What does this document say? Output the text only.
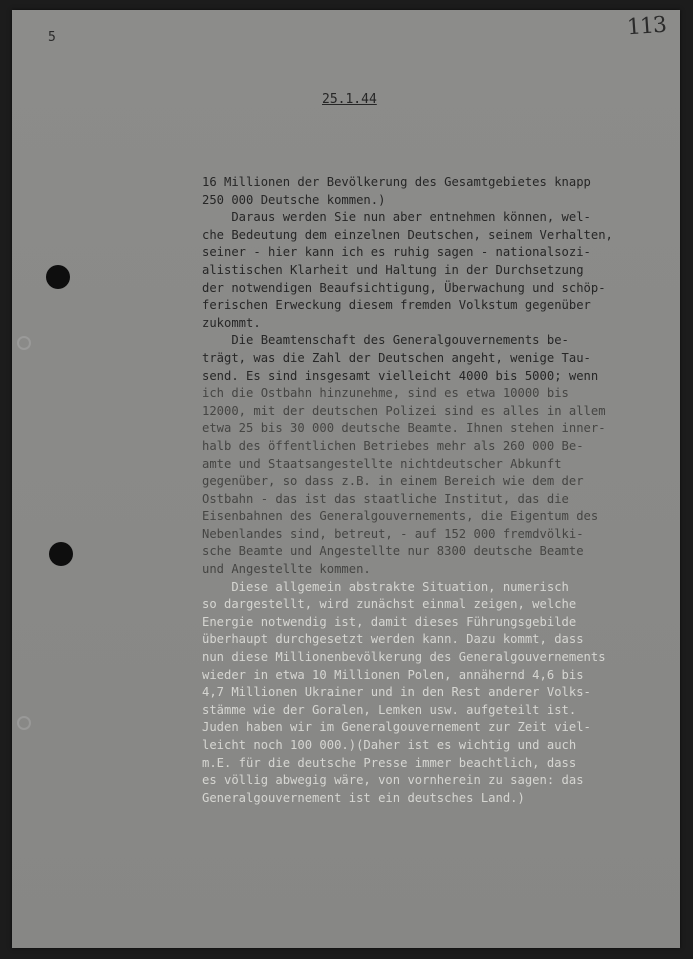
5	113
25.1.44
16 Millionen der Bevölkerung des Gesamtgebietes knapp
250 000 Deutsche kommen.)
Daraus werden Sie nun aber entnehmen können, wel-
che Bedeutung dem einzelnen Deutschen, seinem Verhalten,
seiner - hier kann ich es ruhig sagen - nationalsozi-
alistischen Klarheit und Haltung in der Durchsetzung
der notwendigen Beaufsichtigung, Überwachung und schöp-
ferischen Erweckung diesem fremden Volkstum gegenüber
zukommt.
Die Beamtenschaft des Generalgouvernements be-
trägt, was die Zahl der Deutschen angeht, wenige Tau-
send. Es sind insgesamt vielleicht 4000 bis 5000; wenn
ich die Ostbahn hinzunehme, sind es etwa 10000 bis
12000, mit der deutschen Polizei sind es alles in allem
etwa 25 bis 30 000 deutsche Beamte. Ihnen stehen inner-
halb des öffentlichen Betriebes mehr als 260 000 Be-
amte und Staatsangestellte nichtdeutscher Abkunft
gegenüber, so dass z.B. in einem Bereich wie dem der
Ostbahn - das ist das staatliche Institut, das die
Eisenbahnen des Generalgouvernements, die Eigentum des
Nebenlandes sind, betreut, - auf 152 000 fremdvölki-
sche Beamte und Angestellte nur 8300 deutsche Beamte
und Angestellte kommen.
Diese allgemein abstrakte Situation, numerisch
so dargestellt, wird zunächst einmal zeigen, welche
Energie notwendig ist, damit dieses Führungsgebilde
überhaupt durchgesetzt werden kann. Dazu kommt, dass
nun diese Millionenbevölkerung des Generalgouvernements
wieder in etwa 10 Millionen Polen, annähernd 4,6 bis
4,7 Millionen Ukrainer und in den Rest anderer Volks-
stämme wie der Goralen, Lemken usw. aufgeteilt ist.
Juden haben wir im Generalgouvernement zur Zeit viel-
leicht noch 100 000.)(Daher ist es wichtig und auch
m.E. für die deutsche Presse immer beachtlich, dass
es völlig abwegig wäre, von vornherein zu sagen: das
Generalgouvernement ist ein deutsches Land.)
